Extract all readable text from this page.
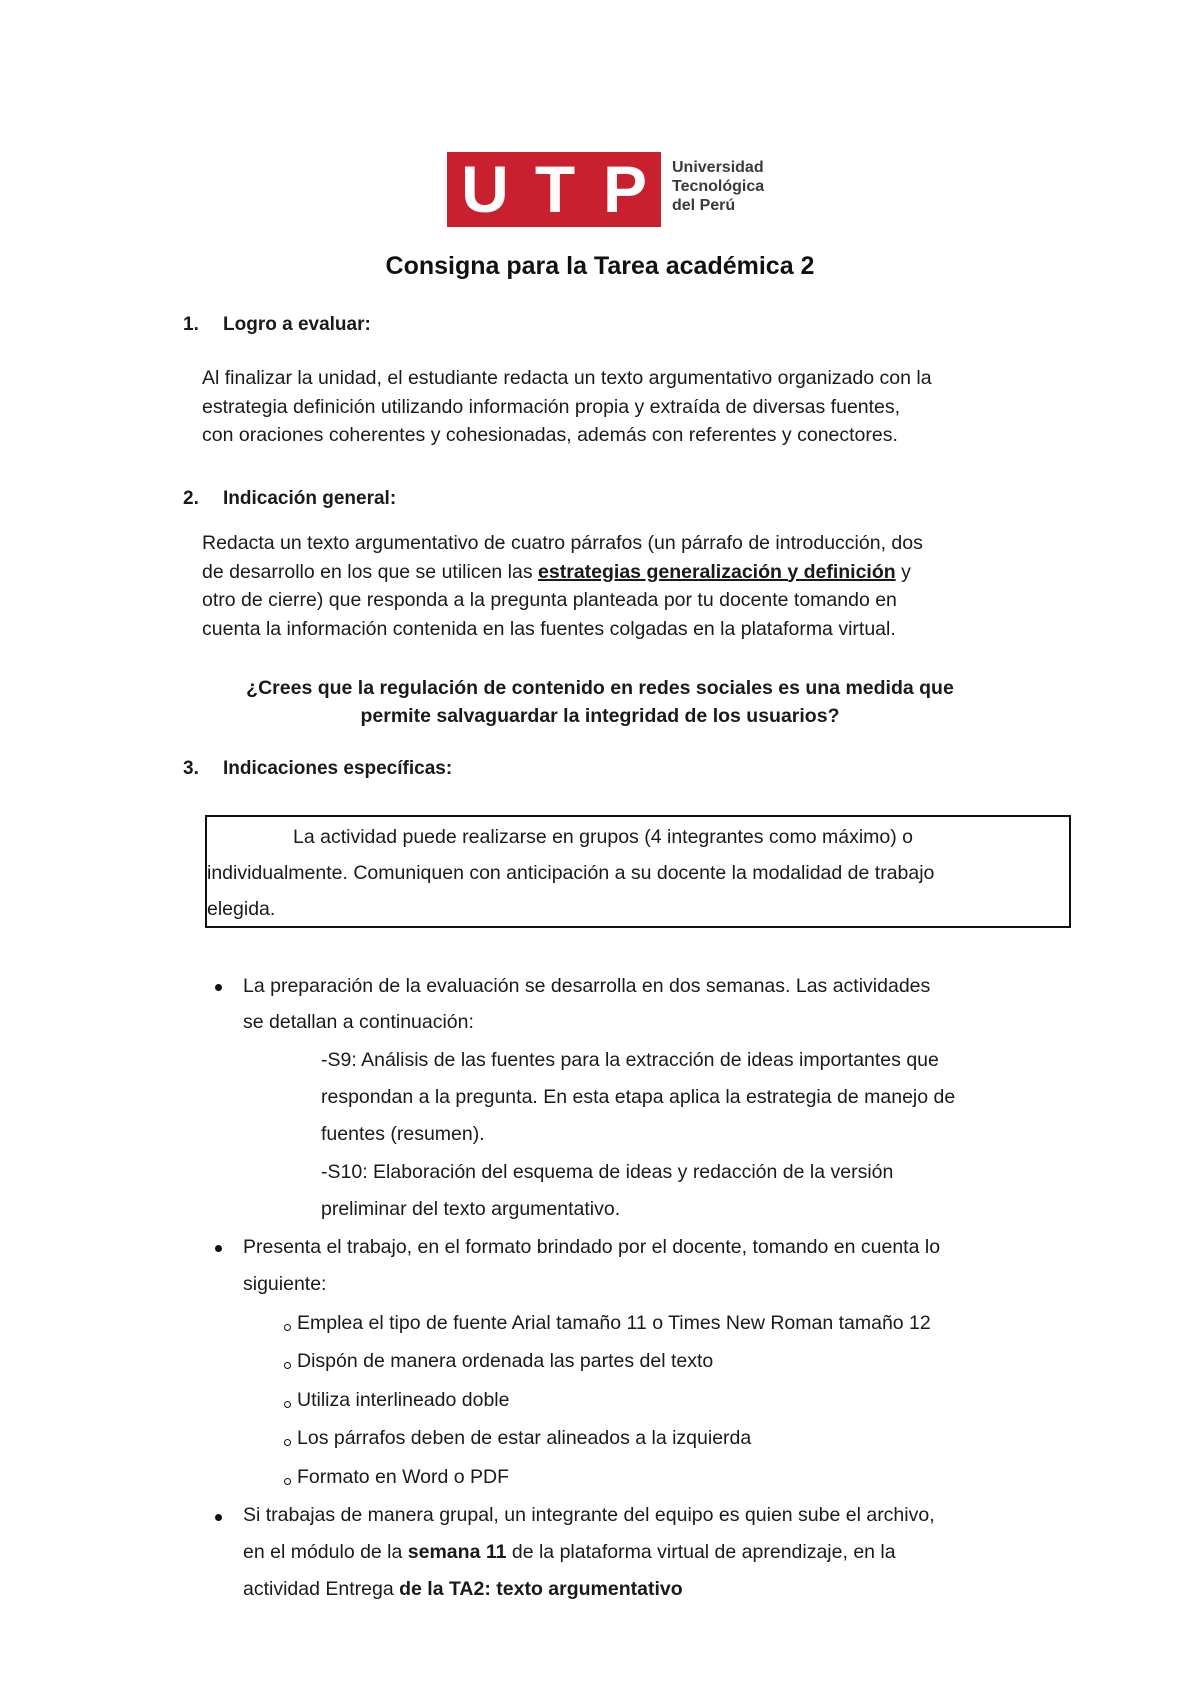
U T P	Universidad
Tecnológica
del Perú
Consigna para la Tarea académica 2
1. Logro a evaluar:
Al finalizar la unidad, el estudiante redacta un texto argumentativo organizado con la
estrategia definición utilizando información propia y extraída de diversas fuentes,
con oraciones coherentes y cohesionadas, además con referentes y conectores.
2. Indicación general:
Redacta un texto argumentativo de cuatro párrafos (un párrafo de introducción, dos
de desarrollo en los que se utilicen las estrategias generalización y definición y
otro de cierre) que responda a la pregunta planteada por tu docente tomando en
cuenta la información contenida en las fuentes colgadas en la plataforma virtual.
¿Crees que la regulación de contenido en redes sociales es una medida que
permite salvaguardar la integridad de los usuarios?
3. Indicaciones específicas:
La actividad puede realizarse en grupos (4 integrantes como máximo) o
individualmente. Comuniquen con anticipación a su docente la modalidad de trabajo
elegida.
La preparación de la evaluación se desarrolla en dos semanas. Las actividades
se detallan a continuación:
-S9: Análisis de las fuentes para la extracción de ideas importantes que
respondan a la pregunta. En esta etapa aplica la estrategia de manejo de
fuentes (resumen).
-S10: Elaboración del esquema de ideas y redacción de la versión
preliminar del texto argumentativo.
Presenta el trabajo, en el formato brindado por el docente, tomando en cuenta lo
siguiente:
Emplea el tipo de fuente Arial tamaño 11 o Times New Roman tamaño 12
Dispón de manera ordenada las partes del texto
Utiliza interlineado doble
Los párrafos deben de estar alineados a la izquierda
Formato en Word o PDF
Si trabajas de manera grupal, un integrante del equipo es quien sube el archivo,
en el módulo de la semana 11 de la plataforma virtual de aprendizaje, en la
actividad Entrega de la TA2: texto argumentativo
